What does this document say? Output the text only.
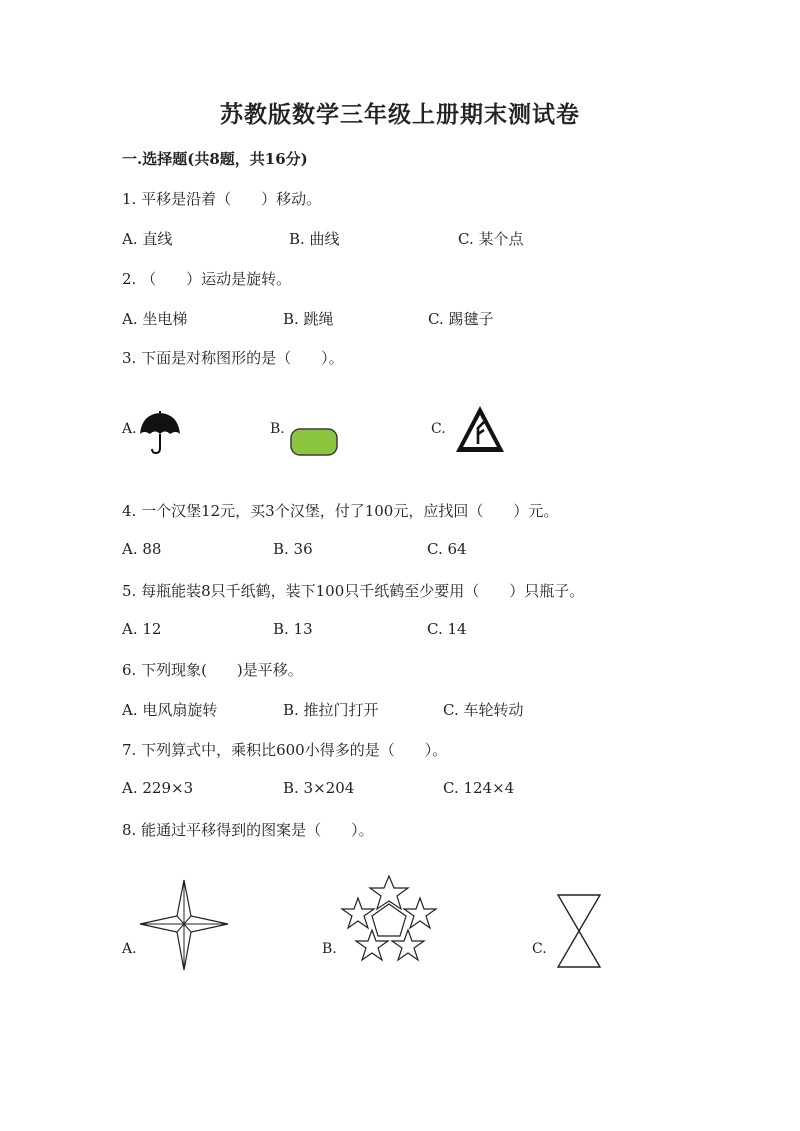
苏教版数学三年级上册期末测试卷
一.选择题(共8题，共16分)
1. 平移是沿着（　　）移动。
A. 直线	B. 曲线	C. 某个点
2. （　　）运动是旋转。
A. 坐电梯	B. 跳绳	C. 踢毽子
3. 下面是对称图形的是（　　）。
A.	B.	C.
4. 一个汉堡12元，买3个汉堡，付了100元，应找回（　　）元。
A. 88	B. 36	C. 64
5. 每瓶能装8只千纸鹤，装下100只千纸鹤至少要用（　　）只瓶子。
A. 12	B. 13	C. 14
6. 下列现象(　　)是平移。
A. 电风扇旋转	B. 推拉门打开	C. 车轮转动
7. 下列算式中，乘积比600小得多的是（　　）。
A. 229×3	B. 3×204	C. 124×4
8. 能通过平移得到的图案是（　　）。
A.	B.	C.
